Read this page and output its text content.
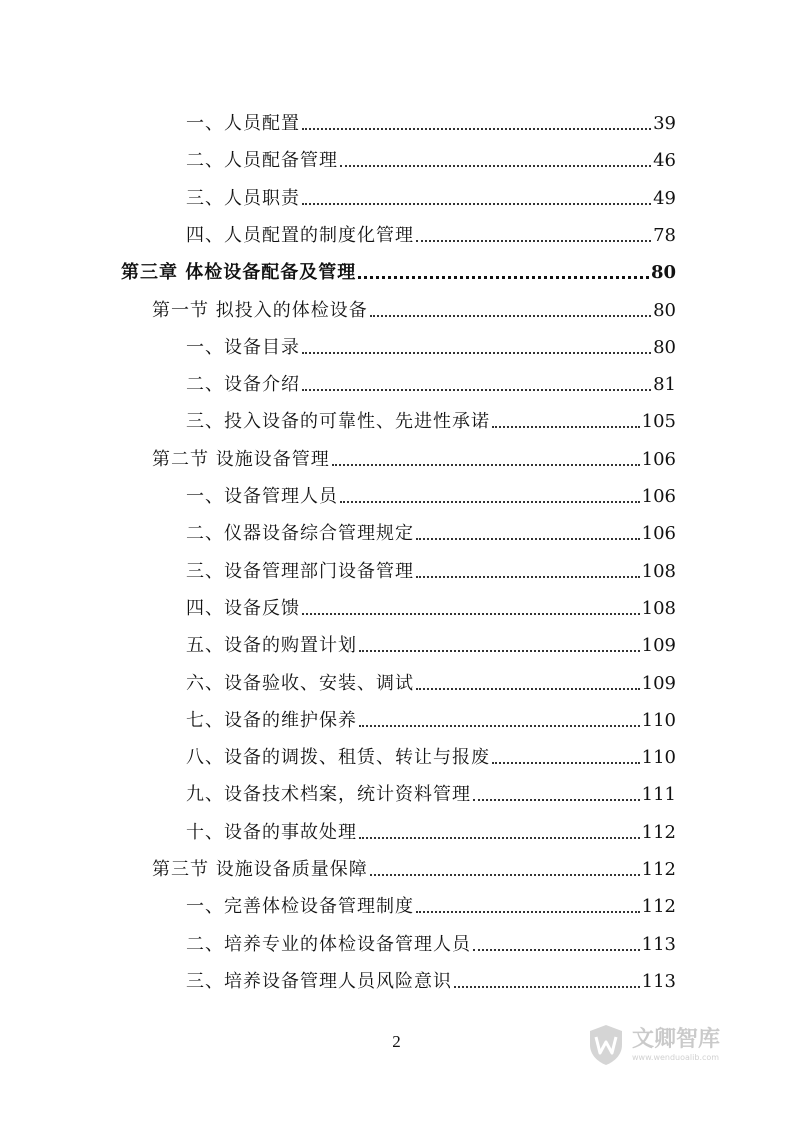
一、人员配置	39
二、人员配备管理	46
三、人员职责	49
四、人员配置的制度化管理	78
第三章 体检设备配备及管理	80
第一节 拟投入的体检设备	80
一、设备目录	80
二、设备介绍	81
三、投入设备的可靠性、先进性承诺	105
第二节 设施设备管理	106
一、设备管理人员	106
二、仪器设备综合管理规定	106
三、设备管理部门设备管理	108
四、设备反馈	108
五、设备的购置计划	109
六、设备验收、安装、调试	109
七、设备的维护保养	110
八、设备的调拨、租赁、转让与报废	110
九、设备技术档案，统计资料管理	111
十、设备的事故处理	112
第三节 设施设备质量保障	112
一、完善体检设备管理制度	112
二、培养专业的体检设备管理人员	113
三、培养设备管理人员风险意识	113
2	文卿智库
www.wenduoalib.com
